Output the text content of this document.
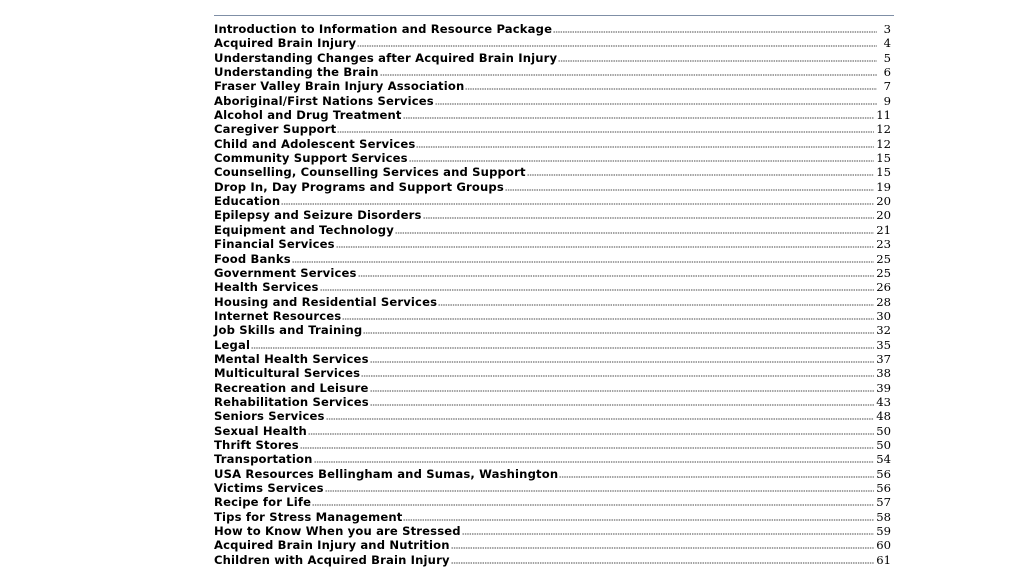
Introduction to Information and Resource Package	3
Acquired Brain Injury	4
Understanding Changes after Acquired Brain Injury	5
Understanding the Brain	6
Fraser Valley Brain Injury Association	7
Aboriginal/First Nations Services	9
Alcohol and Drug Treatment	11
Caregiver Support	12
Child and Adolescent Services	12
Community Support Services	15
Counselling, Counselling Services and Support	15
Drop In, Day Programs and Support Groups	19
Education	20
Epilepsy and Seizure Disorders	20
Equipment and Technology	21
Financial Services	23
Food Banks	25
Government Services	25
Health Services	26
Housing and Residential Services	28
Internet Resources	30
Job Skills and Training	32
Legal	35
Mental Health Services	37
Multicultural Services	38
Recreation and Leisure	39
Rehabilitation Services	43
Seniors Services	48
Sexual Health	50
Thrift Stores	50
Transportation	54
USA Resources Bellingham and Sumas, Washington	56
Victims Services	56
Recipe for Life	57
Tips for Stress Management	58
How to Know When you are Stressed	59
Acquired Brain Injury and Nutrition	60
Children with Acquired Brain Injury	61
